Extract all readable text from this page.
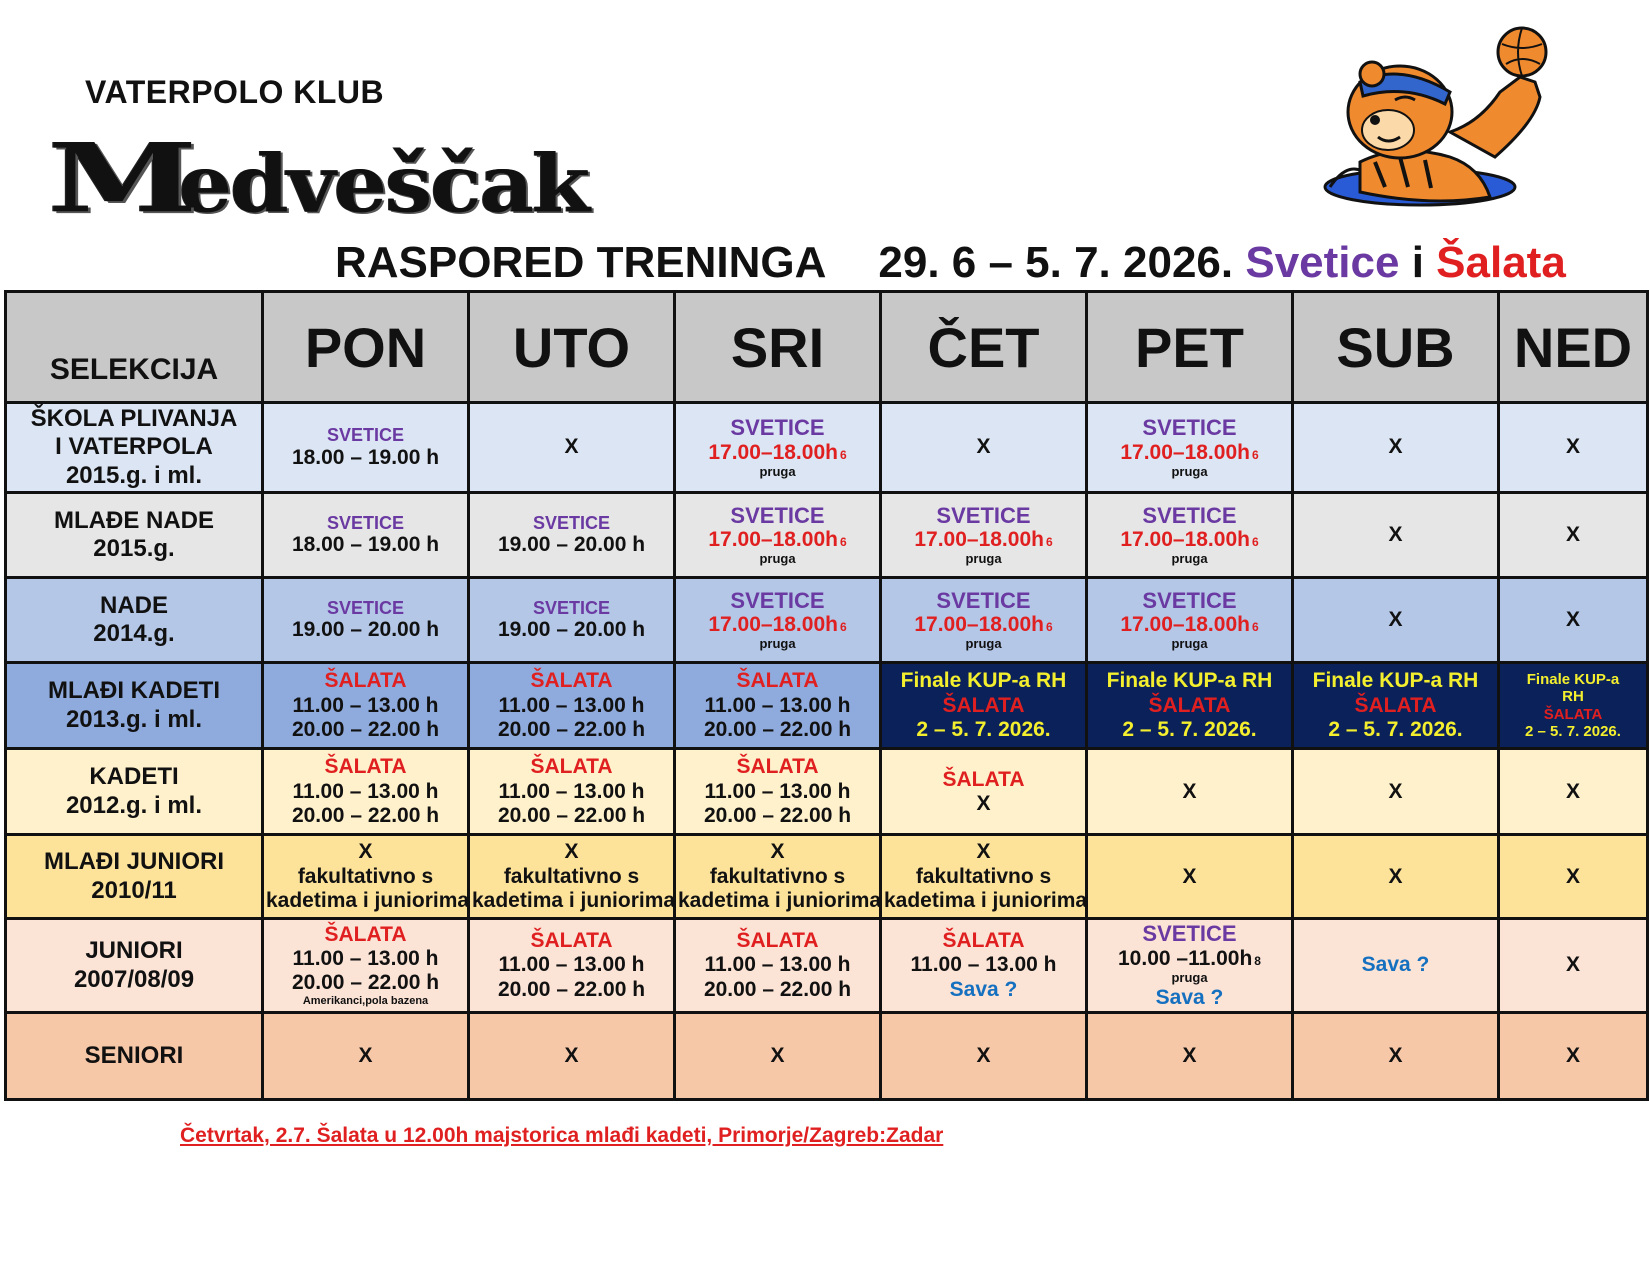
VATERPOLO KLUB
Medveščak
RASPORED TRENINGA 29. 6 – 5. 7. 2026. Svetice i Šalata
SELEKCIJA	PON	UTO	SRI	ČET	PET	SUB	NED

ŠKOLA PLIVANJA
I VATERPOLA
2015.g. i ml.	SVETICE
18.00 – 19.00 h	X	SVETICE
17.00–18.00h 6
pruga	X	SVETICE
17.00–18.00h 6
pruga	X	X

MLAĐE NADE
2015.g.	SVETICE
18.00 – 19.00 h	SVETICE
19.00 – 20.00 h	SVETICE
17.00–18.00h 6
pruga	SVETICE
17.00–18.00h 6
pruga	SVETICE
17.00–18.00h 6
pruga	X	X

NADE
2014.g.	SVETICE
19.00 – 20.00 h	SVETICE
19.00 – 20.00 h	SVETICE
17.00–18.00h 6
pruga	SVETICE
17.00–18.00h 6
pruga	SVETICE
17.00–18.00h 6
pruga	X	X

MLAĐI KADETI
2013.g. i ml.	ŠALATA
11.00 – 13.00 h
20.00 – 22.00 h	ŠALATA
11.00 – 13.00 h
20.00 – 22.00 h	ŠALATA
11.00 – 13.00 h
20.00 – 22.00 h	Finale KUP-a RH
ŠALATA
2 – 5. 7. 2026.	Finale KUP-a RH
ŠALATA
2 – 5. 7. 2026.	Finale KUP-a RH
ŠALATA
2 – 5. 7. 2026.	Finale KUP-a
RH
ŠALATA
2 – 5. 7. 2026.

KADETI
2012.g. i ml.	ŠALATA
11.00 – 13.00 h
20.00 – 22.00 h	ŠALATA
11.00 – 13.00 h
20.00 – 22.00 h	ŠALATA
11.00 – 13.00 h
20.00 – 22.00 h	ŠALATA
X	X	X	X

MLAĐI JUNIORI
2010/11	X
fakultativno s
kadetima i juniorima	X
fakultativno s
kadetima i juniorima	X
fakultativno s
kadetima i juniorima	X
fakultativno s
kadetima i juniorima	X	X	X

JUNIORI
2007/08/09	ŠALATA
11.00 – 13.00 h
20.00 – 22.00 h
Amerikanci,pola bazena	ŠALATA
11.00 – 13.00 h
20.00 – 22.00 h	ŠALATA
11.00 – 13.00 h
20.00 – 22.00 h	ŠALATA
11.00 – 13.00 h
Sava ?	SVETICE
10.00 –11.00h 8
pruga
Sava ?	Sava ?	X

SENIORI	X	X	X	X	X	X	X
Četvrtak, 2.7. Šalata u 12.00h majstorica mlađi kadeti, Primorje/Zagreb:Zadar
